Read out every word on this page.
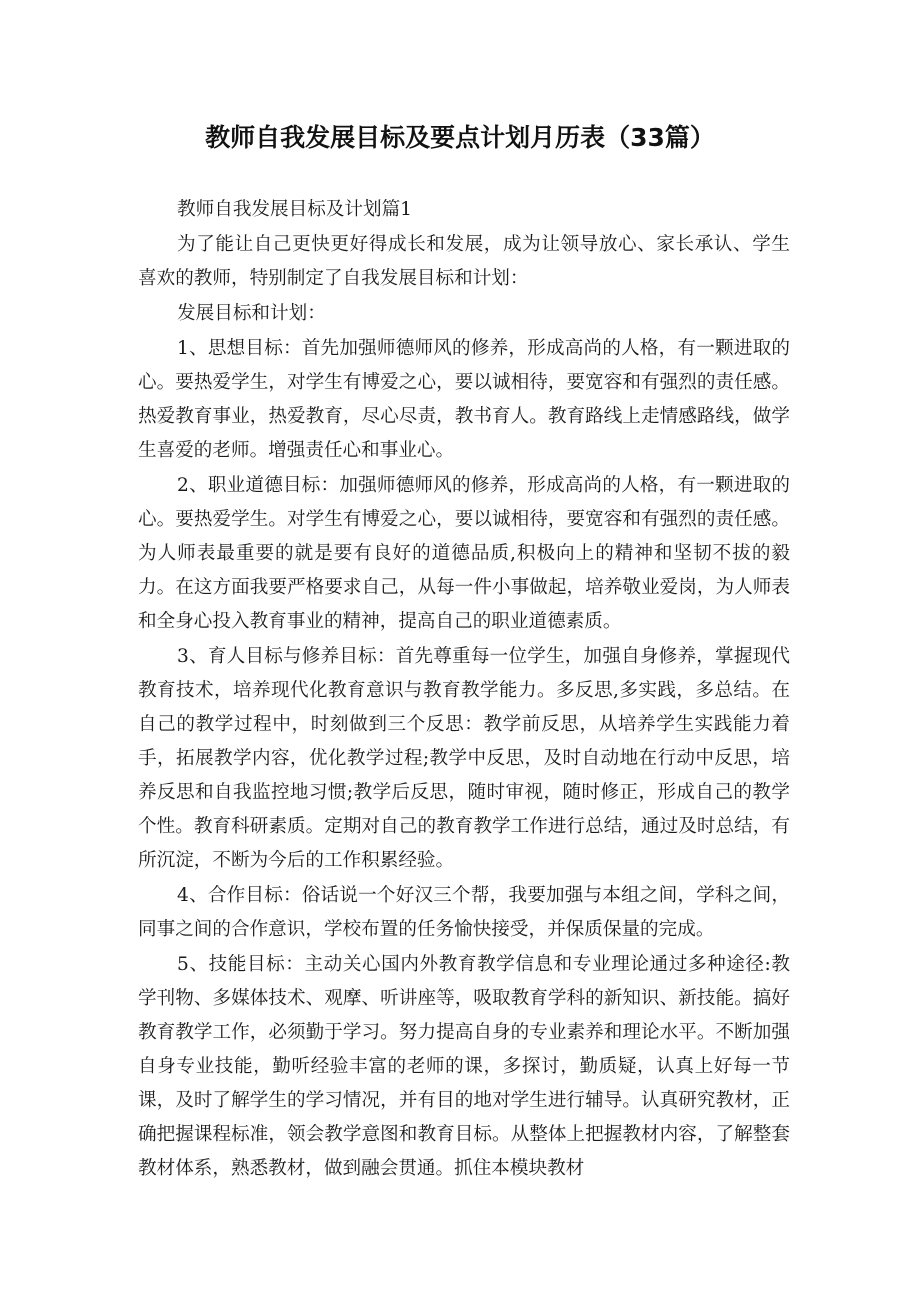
教师自我发展目标及要点计划月历表（33篇）

教师自我发展目标及计划篇1

为了能让自己更快更好得成长和发展，成为让领导放心、家长承认、学生喜欢的教师，特别制定了自我发展目标和计划：

发展目标和计划：

1、思想目标：首先加强师德师风的修养，形成高尚的人格，有一颗进取的心。要热爱学生，对学生有博爱之心，要以诚相待，要宽容和有强烈的责任感。热爱教育事业，热爱教育，尽心尽责，教书育人。教育路线上走情感路线，做学生喜爱的老师。增强责任心和事业心。

2、职业道德目标：加强师德师风的修养，形成高尚的人格，有一颗进取的心。要热爱学生。对学生有博爱之心，要以诚相待，要宽容和有强烈的责任感。为人师表最重要的就是要有良好的道德品质,积极向上的精神和坚韧不拔的毅力。在这方面我要严格要求自己，从每一件小事做起，培养敬业爱岗，为人师表和全身心投入教育事业的精神，提高自己的职业道德素质。

3、育人目标与修养目标：首先尊重每一位学生，加强自身修养，掌握现代教育技术，培养现代化教育意识与教育教学能力。多反思,多实践，多总结。在自己的教学过程中，时刻做到三个反思：教学前反思，从培养学生实践能力着手，拓展教学内容，优化教学过程;教学中反思，及时自动地在行动中反思，培养反思和自我监控地习惯;教学后反思，随时审视，随时修正，形成自己的教学个性。教育科研素质。定期对自己的教育教学工作进行总结，通过及时总结，有所沉淀，不断为今后的工作积累经验。

4、合作目标：俗话说一个好汉三个帮，我要加强与本组之间，学科之间，同事之间的合作意识，学校布置的任务愉快接受，并保质保量的完成。

5、技能目标：主动关心国内外教育教学信息和专业理论通过多种途径:教学刊物、多媒体技术、观摩、听讲座等，吸取教育学科的新知识、新技能。搞好教育教学工作，必须勤于学习。努力提高自身的专业素养和理论水平。不断加强自身专业技能，勤听经验丰富的老师的课，多探讨，勤质疑，认真上好每一节课，及时了解学生的学习情况，并有目的地对学生进行辅导。认真研究教材，正确把握课程标准，领会教学意图和教育目标。从整体上把握教材内容，了解整套教材体系，熟悉教材，做到融会贯通。抓住本模块教材
